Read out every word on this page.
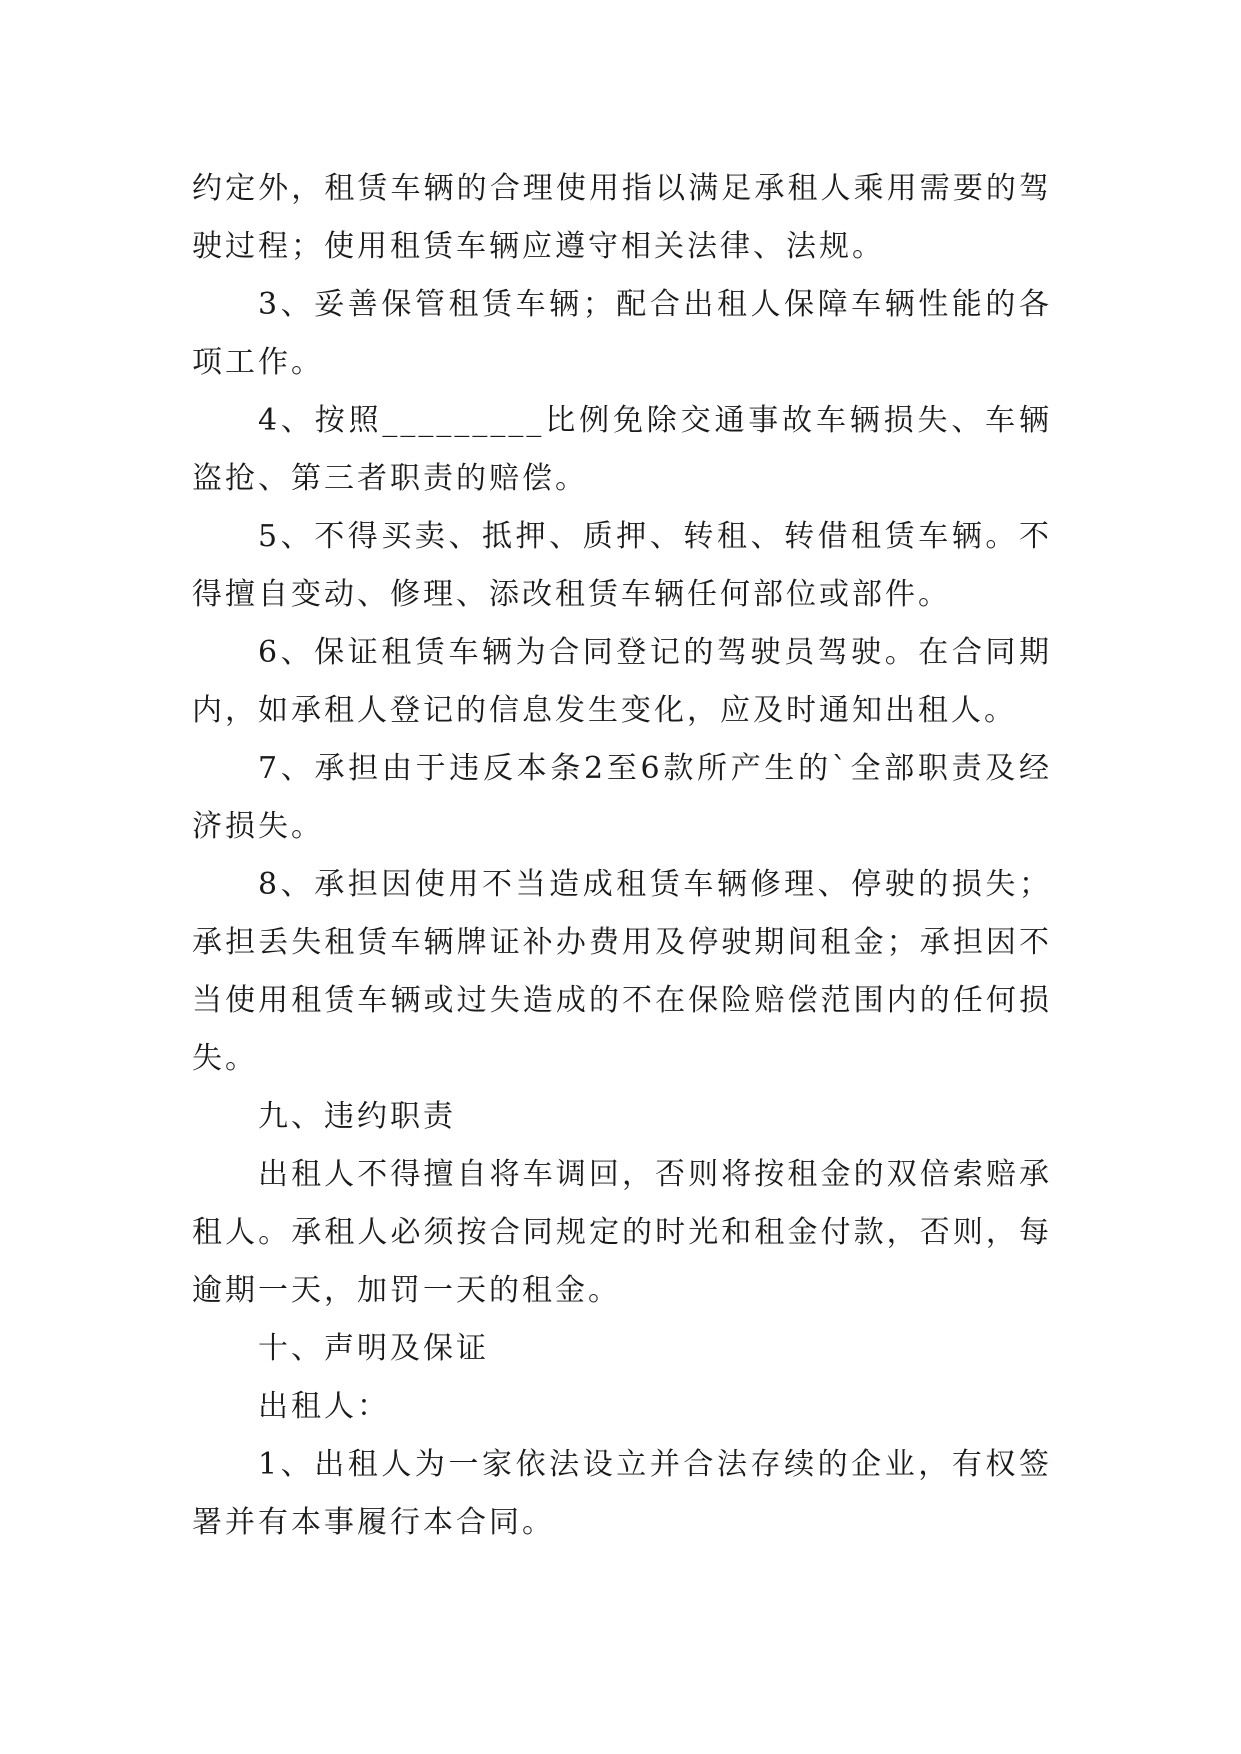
约定外，租赁车辆的合理使用指以满足承租人乘用需要的驾驶过程；使用租赁车辆应遵守相关法律、法规。

3、妥善保管租赁车辆；配合出租人保障车辆性能的各项工作。

4、按照_________比例免除交通事故车辆损失、车辆盗抢、第三者职责的赔偿。

5、不得买卖、抵押、质押、转租、转借租赁车辆。不得擅自变动、修理、添改租赁车辆任何部位或部件。

6、保证租赁车辆为合同登记的驾驶员驾驶。在合同期内，如承租人登记的信息发生变化，应及时通知出租人。

7、承担由于违反本条2至6款所产生的`全部职责及经济损失。

8、承担因使用不当造成租赁车辆修理、停驶的损失；承担丢失租赁车辆牌证补办费用及停驶期间租金；承担因不当使用租赁车辆或过失造成的不在保险赔偿范围内的任何损失。

九、违约职责

出租人不得擅自将车调回，否则将按租金的双倍索赔承租人。承租人必须按合同规定的时光和租金付款，否则，每逾期一天，加罚一天的租金。

十、声明及保证

出租人：

1、出租人为一家依法设立并合法存续的企业，有权签署并有本事履行本合同。
